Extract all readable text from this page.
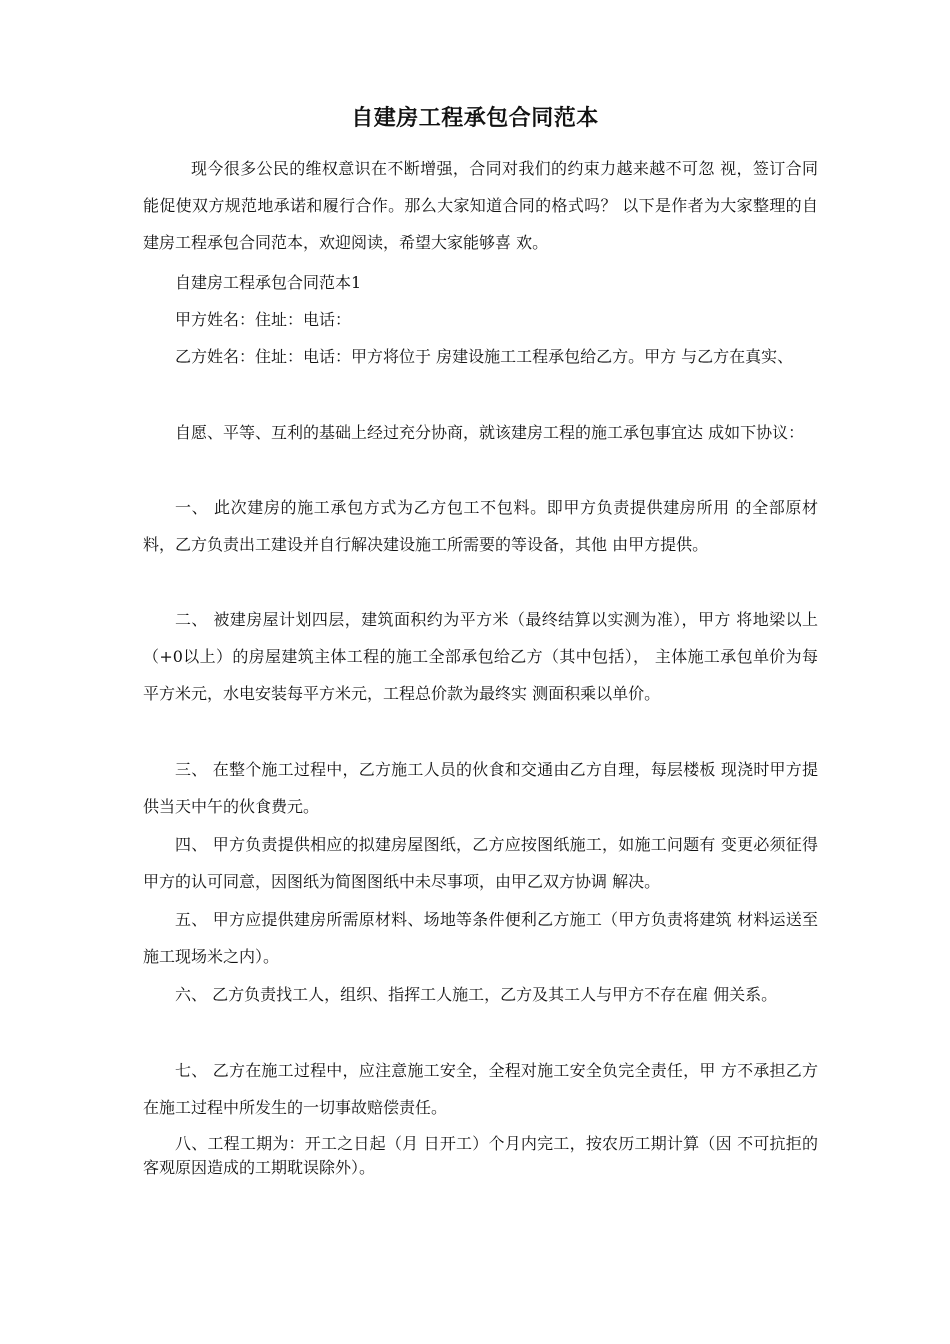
自建房工程承包合同范本

现今很多公民的维权意识在不断增强，合同对我们的约束力越来越不可忽 视，签订合同能促使双方规范地承诺和履行合作。那么大家知道合同的格式吗？ 以下是作者为大家整理的自建房工程承包合同范本，欢迎阅读，希望大家能够喜 欢。

自建房工程承包合同范本1

甲方姓名：住址：电话：

乙方姓名：住址：电话：甲方将位于 房建设施工工程承包给乙方。甲方 与乙方在真实、

自愿、平等、互利的基础上经过充分协商，就该建房工程的施工承包事宜达 成如下协议：

一、 此次建房的施工承包方式为乙方包工不包料。即甲方负责提供建房所用 的全部原材料，乙方负责出工建设并自行解决建设施工所需要的等设备，其他 由甲方提供。

二、 被建房屋计划四层，建筑面积约为平方米（最终结算以实测为准），甲方 将地梁以上（+0以上）的房屋建筑主体工程的施工全部承包给乙方（其中包括）， 主体施工承包单价为每平方米元，水电安装每平方米元，工程总价款为最终实 测面积乘以单价。

三、 在整个施工过程中，乙方施工人员的伙食和交通由乙方自理，每层楼板 现浇时甲方提供当天中午的伙食费元。

四、 甲方负责提供相应的拟建房屋图纸，乙方应按图纸施工，如施工问题有 变更必须征得甲方的认可同意，因图纸为简图图纸中未尽事项，由甲乙双方协调 解决。

五、 甲方应提供建房所需原材料、场地等条件便利乙方施工（甲方负责将建筑 材料运送至施工现场米之内）。

六、 乙方负责找工人，组织、指挥工人施工，乙方及其工人与甲方不存在雇 佣关系。

七、 乙方在施工过程中，应注意施工安全，全程对施工安全负完全责任，甲 方不承担乙方在施工过程中所发生的一切事故赔偿责任。

八、工程工期为：开工之日起（月 日开工）个月内完工，按农历工期计算（因 不可抗拒的客观原因造成的工期耽误除外）。
